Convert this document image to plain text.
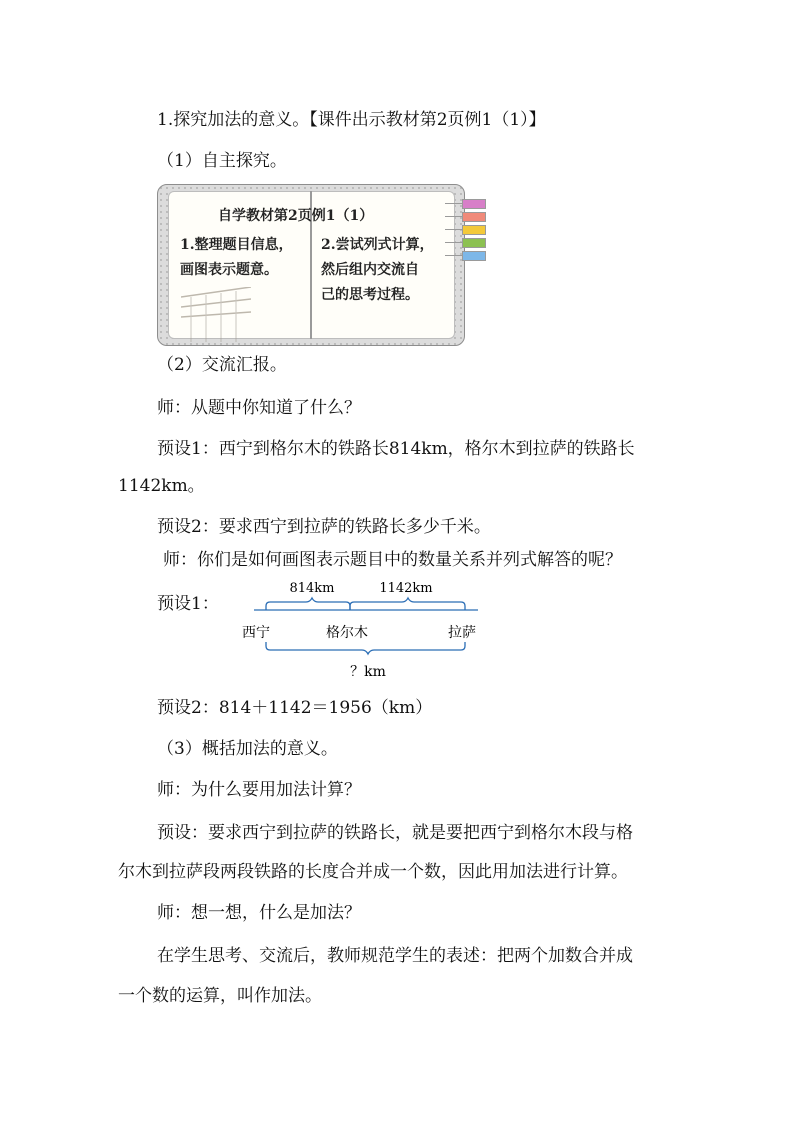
1.探究加法的意义。【课件出示教材第2页例1（1）】
（1）自主探究。
自学教材第2页例1（1）
1.整理题目信息，
画图表示题意。
2.尝试列式计算，
然后组内交流自
己的思考过程。
（2）交流汇报。
师：从题中你知道了什么？
预设1：西宁到格尔木的铁路长814km，格尔木到拉萨的铁路长
1142km。
预设2：要求西宁到拉萨的铁路长多少千米。
师：你们是如何画图表示题目中的数量关系并列式解答的呢？
预设1：
814km	1142km
西宁	格尔木	拉萨
？km
预设2：814＋1142＝1956（km）
（3）概括加法的意义。
师：为什么要用加法计算？
预设：要求西宁到拉萨的铁路长，就是要把西宁到格尔木段与格
尔木到拉萨段两段铁路的长度合并成一个数，因此用加法进行计算。
师：想一想，什么是加法？
在学生思考、交流后，教师规范学生的表述：把两个加数合并成
一个数的运算，叫作加法。
